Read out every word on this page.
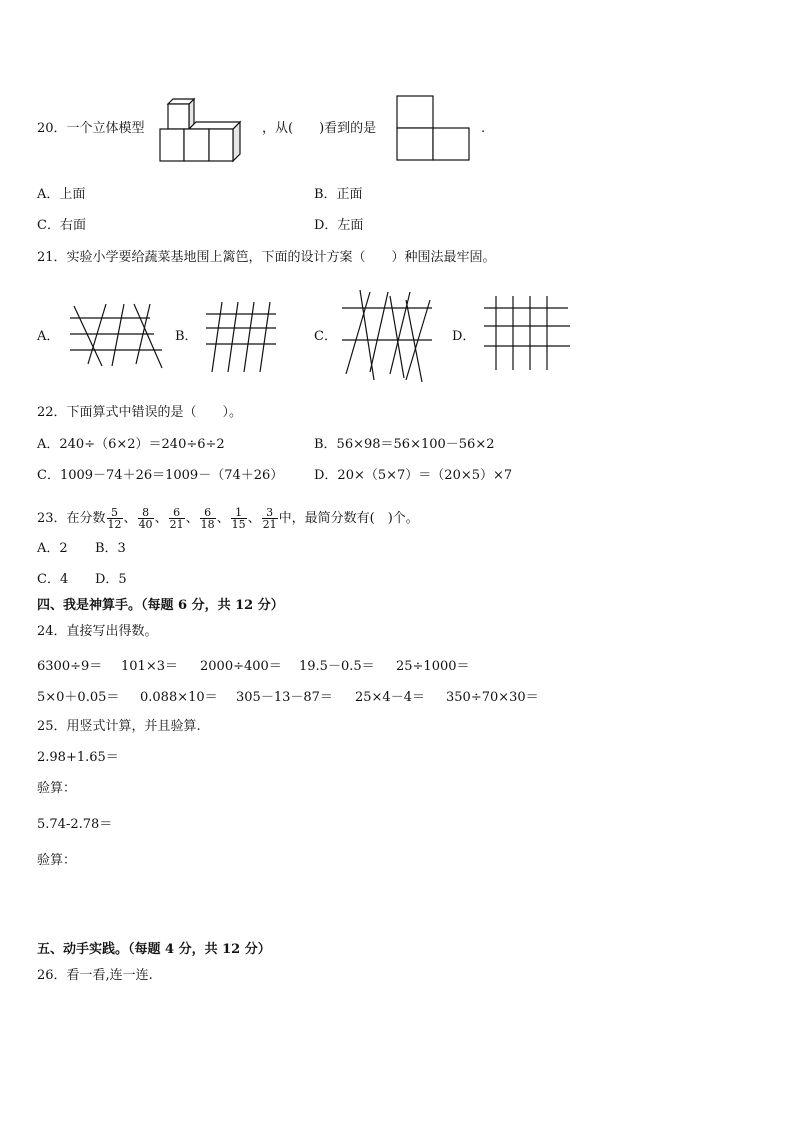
20．一个立体模型	，从(　　)看到的是	.
A．上面	B．正面
C．右面	D．左面
21．实验小学要给蔬菜基地围上篱笆，下面的设计方案（　　）种围法最牢固。
A．	B．	C．	D．
22．下面算式中错误的是（　　）。
A．240÷（6×2）＝240÷6÷2	B．56×98＝56×100－56×2
C．1009－74＋26＝1009－（74＋26） D．20×（5×7）＝（20×5）×7
23．在分数 $\frac{5}{12}$ 、 $\frac{8}{40}$ 、 $\frac{6}{21}$ 、 $\frac{6}{18}$ 、 $\frac{1}{15}$ 、 $\frac{3}{21}$ 中，最简分数有(　)个。
A．2 B．3
C．4 D．5
四、我是神算手。（每题 6 分，共 12 分）
24．直接写出得数。
6300÷9＝ 101×3＝ 2000÷400＝ 19.5－0.5＝ 25÷1000＝
5×0＋0.05＝ 0.088×10＝ 305－13－87＝ 25×4－4＝ 350÷70×30＝
25．用竖式计算，并且验算.
2.98+1.65＝
验算：
5.74-2.78＝
验算：
五、动手实践。（每题 4 分，共 12 分）
26．看一看,连一连.
